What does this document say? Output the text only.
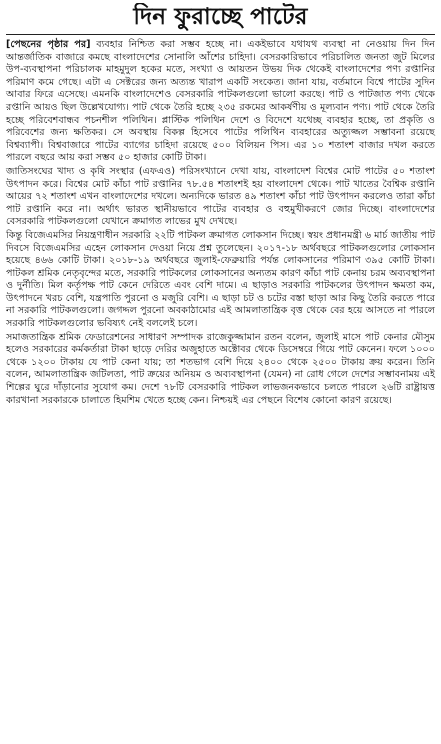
দিন ফুরাচ্ছে পাটের

[পেছনের পৃষ্ঠার পর] ব্যবহার নিশ্চিত করা সম্ভব হচ্ছে না। একইভাবে যথাযথ ব্যবস্থা না নেওয়ায় দিন দিন আন্তর্জাতিক বাজারে কমছে বাংলাদেশের সোনালি আঁশের চাহিদা। বেসরকারিভাবে পরিচালিত জনতা জুট মিলের উপ-ব্যবস্থাপনা পরিচালক মাহমুদুল হকের মতে, সংখ্যা ও আয়তন উভয় দিক থেকেই বাংলাদেশের পণ্য রপ্তানির পরিমাণ কমে গেছে। এটা এ সেক্টরের জন্য অত্যন্ত খারাপ একটি সংকেত। জানা যায়, বর্তমানে বিশ্বে পাটের সুদিন আবার ফিরে এসেছে। এমনকি বাংলাদেশেও বেসরকারি পাটকলগুলো ভালো করছে। পাট ও পাটজাত পণ্য থেকে রপ্তানি আয়ও ছিল উল্লেখযোগ্য। পাট থেকে তৈরি হচ্ছে ২৩৫ রকমের আকর্ষণীয় ও মূল্যবান পণ্য। পাট থেকে তৈরি হচ্ছে পরিবেশবান্ধব পচনশীল পলিথিন। প্লাস্টিক পলিথিন দেশে ও বিদেশে যথেচ্ছ ব্যবহার হচ্ছে, তা প্রকৃতি ও পরিবেশের জন্য ক্ষতিকর। সে অবস্থায় বিকল্প হিসেবে পাটের পলিথিন ব্যবহারের অত্যুজ্জল সম্ভাবনা রয়েছে বিশ্বব্যাপী। বিশ্ববাজারে পাটের ব্যাগের চাহিদা রয়েছে ৫০০ বিলিয়ন পিস। এর ১০ শতাংশ বাজার দখল করতে পারলে বছরে আয় করা সম্ভব ৫০ হাজার কোটি টাকা।

জাতিসংঘের খাদ্য ও কৃষি সংস্থার (এফএও) পরিসংখ্যানে দেখা যায়, বাংলাদেশ বিশ্বের মোট পাটের ৫০ শতাংশ উৎপাদন করে। বিশ্বের মোট কাঁচা পাট রপ্তানির ৭৮.৫৪ শতাংশই হয় বাংলাদেশ থেকে। পাট খাতের বৈশ্বিক রপ্তানি আয়ের ৭২ শতাংশ এখন বাংলাদেশের দখলে। অন্যদিকে ভারত ৪৯ শতাংশ কাঁচা পাট উৎপাদন করলেও তারা কাঁচা পাট রপ্তানি করে না। অর্থাৎ ভারত স্থানীয়ভাবে পাটের ব্যবহার ও বহুমুখীকরণে জোর দিচ্ছে। বাংলাদেশের বেসরকারি পাটকলগুলো যেখানে ক্রমাগত লাভের মুখ দেখছে।

কিন্তু বিজেএমসির নিয়ন্ত্রণাধীন সরকারি ২২টি পাটকল ক্রমাগত লোকসান দিচ্ছে। স্বয়ং প্রধানমন্ত্রী ৬ মার্চ জাতীয় পাট দিবসে বিজেএমসির এহেন লোকসান দেওয়া নিয়ে প্রশ্ন তুলেছেন। ২০১৭-১৮ অর্থবছরে পাটকলগুলোর লোকসান হয়েছে ৪৬৬ কোটি টাকা। ২০১৮-১৯ অর্থবছরে জুলাই-ফেব্রুয়ারি পর্যন্ত লোকসানের পরিমাণ ৩৯৫ কোটি টাকা। পাটকল শ্রমিক নেতৃবৃন্দের মতে, সরকারি পাটকলের লোকসানের অন্যতম কারণ কাঁচা পাট কেনায় চরম অব্যবস্থাপনা ও দুর্নীতি। মিল কর্তৃপক্ষ পাট কেনে দেরিতে এবং বেশি দামে। এ ছাড়াও সরকারি পাটকলের উৎপাদন ক্ষমতা কম, উৎপাদনে খরচ বেশি, যন্ত্রপাতি পুরনো ও মজুরি বেশি। এ ছাড়া চট ও চটের বস্তা ছাড়া আর কিছু তৈরি করতে পারে না সরকারি পাটকলগুলো। জগদ্দল পুরনো অবকাঠামোর এই আমলাতান্ত্রিক বৃত্ত থেকে বের হয়ে আসতে না পারলে সরকারি পাটকলগুলোর ভবিষ্যৎ নেই বললেই চলে।

সমাজতান্ত্রিক শ্রমিক ফেডারেশনের সাধারণ সম্পাদক রাজেকুজ্জামান রতন বলেন, জুলাই মাসে পাট কেনার মৌসুম হলেও সরকারের কর্মকর্তারা টাকা ছাড়ে দেরির অজুহাতে অক্টোবর থেকে ডিসেম্বরে গিয়ে পাট কেনেন। ফলে ১০০০ থেকে ১২০০ টাকায় যে পাট কেনা যায়; তা শতভাগ বেশি দিয়ে ২৪০০ থেকে ২৫০০ টাকায় ক্রয় করেন। তিনি বলেন, আমলাতান্ত্রিক জটিলতা, পাট ক্রয়ের অনিয়ম ও অব্যবস্থাপনা (যেমন) না রোধ গেলে দেশের সম্ভাবনাময় এই শিল্পের ঘুরে দাঁড়ানোর সুযোগ কম। দেশে ৭৮টি বেসরকারি পাটকল লাভজনকভাবে চলতে পারলে ২৬টি রাষ্ট্রায়ত্ত কারখানা সরকারকে চালাতে হিমশিম খেতে হচ্ছে কেন। নিশ্চয়ই এর পেছনে বিশেষ কোনো কারণ রয়েছে।
